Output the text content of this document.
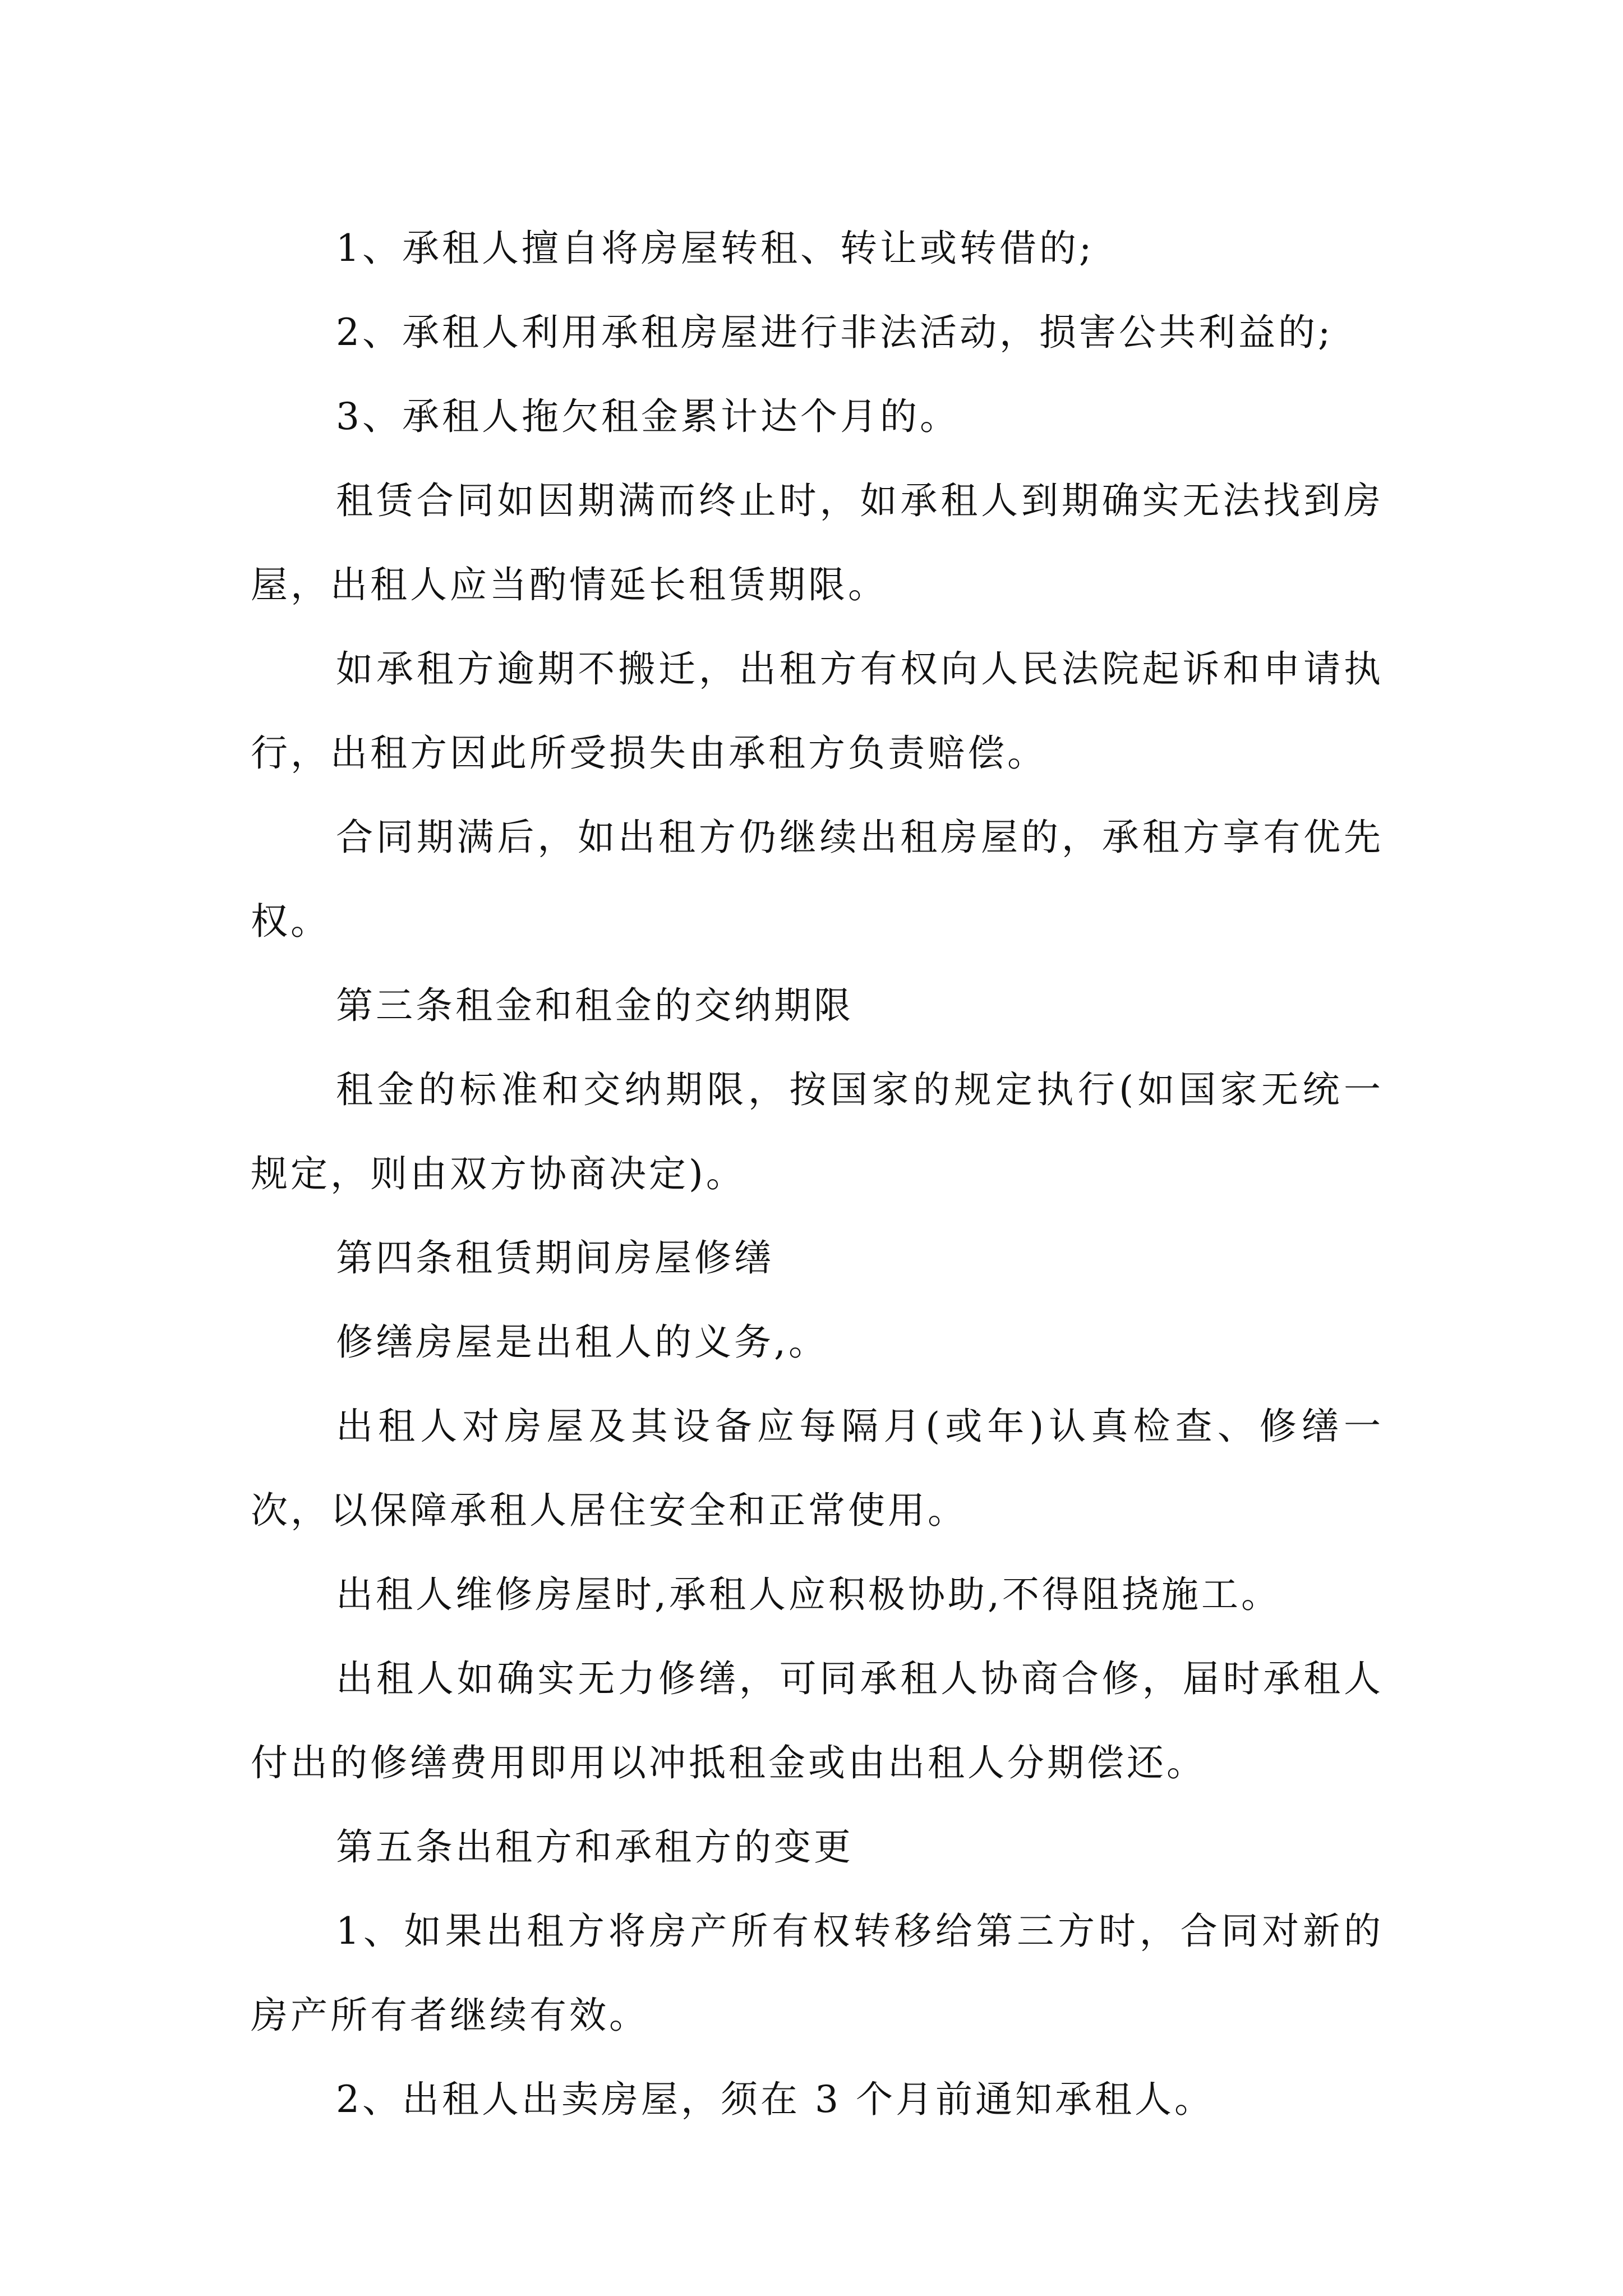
1、承租人擅自将房屋转租、转让或转借的;

2、承租人利用承租房屋进行非法活动，损害公共利益的;

3、承租人拖欠租金累计达个月的。

租赁合同如因期满而终止时，如承租人到期确实无法找到房屋，出租人应当酌情延长租赁期限。

如承租方逾期不搬迁，出租方有权向人民法院起诉和申请执行，出租方因此所受损失由承租方负责赔偿。

合同期满后，如出租方仍继续出租房屋的，承租方享有优先权。

第三条租金和租金的交纳期限

租金的标准和交纳期限，按国家的规定执行(如国家无统一规定，则由双方协商决定)。

第四条租赁期间房屋修缮

修缮房屋是出租人的义务,。

出租人对房屋及其设备应每隔月(或年)认真检查、修缮一次，以保障承租人居住安全和正常使用。

出租人维修房屋时,承租人应积极协助,不得阻挠施工。

出租人如确实无力修缮，可同承租人协商合修，届时承租人付出的修缮费用即用以冲抵租金或由出租人分期偿还。

第五条出租方和承租方的变更

1、如果出租方将房产所有权转移给第三方时，合同对新的房产所有者继续有效。

2、出租人出卖房屋，须在 3 个月前通知承租人。
